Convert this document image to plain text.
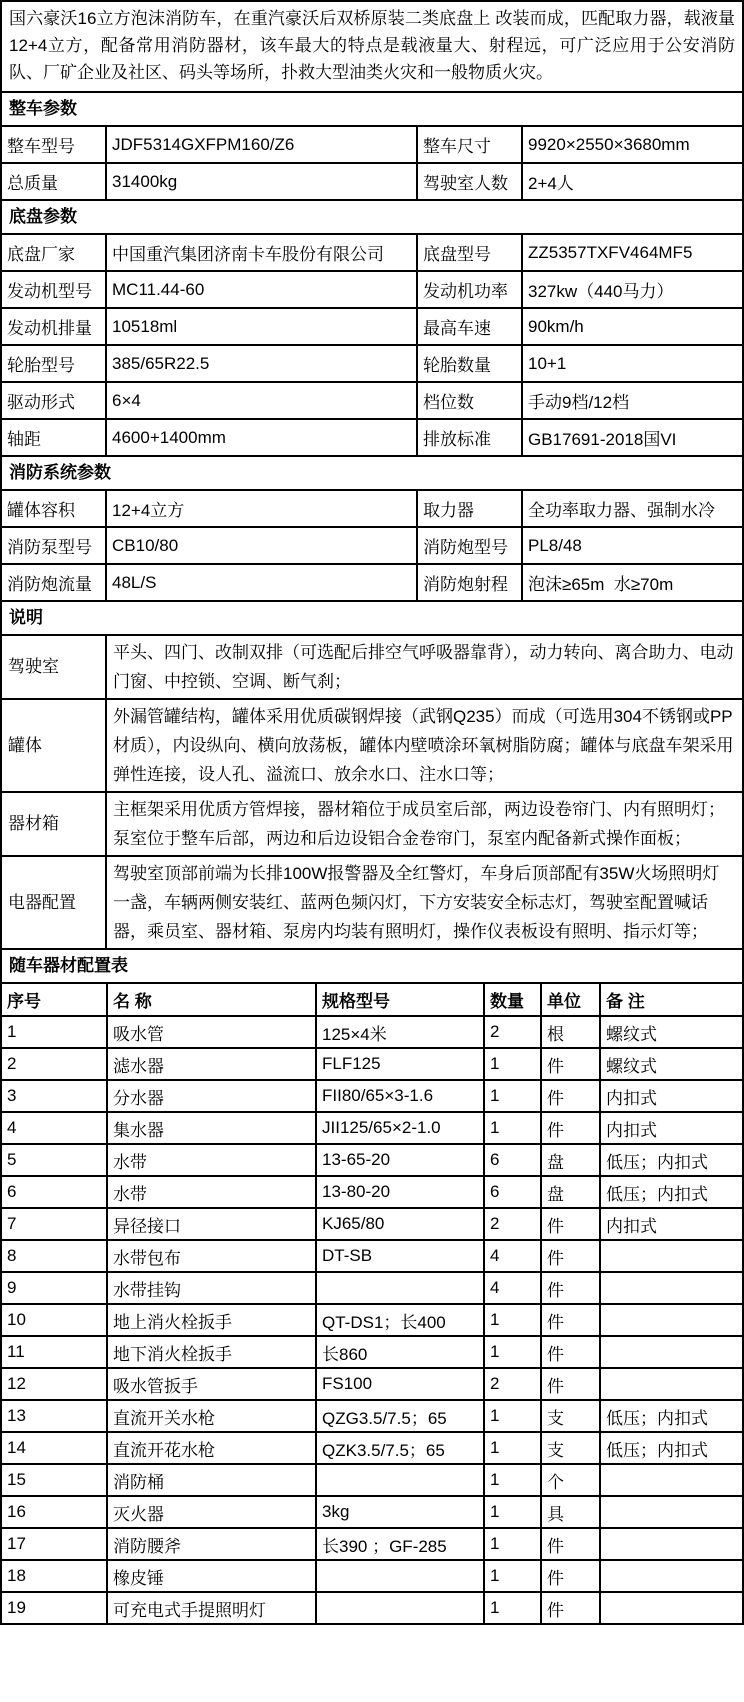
国六豪沃16立方泡沫消防车，在重汽豪沃后双桥原装二类底盘上 改装而成，匹配取力器，载液量12+4立方，配备常用消防器材，该车最大的特点是载液量大、射程远，可广泛应用于公安消防队、厂矿企业及社区、码头等场所，扑救大型油类火灾和一般物质火灾。
整车参数
整车型号	JDF5314GXFPM160/Z6	整车尺寸	9920×2550×3680mm
总质量	31400kg	驾驶室人数	2+4人
底盘参数
底盘厂家	中国重汽集团济南卡车股份有限公司	底盘型号	ZZ5357TXFV464MF5
发动机型号	MC11.44-60	发动机功率	327kw（440马力）
发动机排量	10518ml	最高车速	90km/h
轮胎型号	385/65R22.5	轮胎数量	10+1
驱动形式	6×4	档位数	手动9档/12档
轴距	4600+1400mm	排放标准	GB17691-2018国VI
消防系统参数
罐体容积	12+4立方	取力器	全功率取力器、强制水冷
消防泵型号	CB10/80	消防炮型号	PL8/48
消防炮流量	48L/S	消防炮射程	泡沫≥65m  水≥70m
说明
驾驶室	平头、四门、改制双排（可选配后排空气呼吸器靠背），动力转向、离合助力、电动门窗、中控锁、空调、断气刹；
罐体	外漏管罐结构，罐体采用优质碳钢焊接（武钢Q235）而成（可选用304不锈钢或PP材质），内设纵向、横向放荡板，罐体内壁喷涂环氧树脂防腐；罐体与底盘车架采用弹性连接，设人孔、溢流口、放余水口、注水口等；
器材箱	主框架采用优质方管焊接，器材箱位于成员室后部，两边设卷帘门、内有照明灯；泵室位于整车后部，两边和后边设铝合金卷帘门，泵室内配备新式操作面板；
电器配置	驾驶室顶部前端为长排100W报警器及全红警灯，车身后顶部配有35W火场照明灯一盏，车辆两侧安装红、蓝两色频闪灯，下方安装安全标志灯，驾驶室配置喊话器，乘员室、器材箱、泵房内均装有照明灯，操作仪表板设有照明、指示灯等；
随车器材配置表
序号	名 称	规格型号	数量	单位	备 注
1	吸水管	125×4米	2	根	螺纹式
2	滤水器	FLF125	1	件	螺纹式
3	分水器	FII80/65×3-1.6	1	件	内扣式
4	集水器	JII125/65×2-1.0	1	件	内扣式
5	水带	13-65-20	6	盘	低压；内扣式
6	水带	13-80-20	6	盘	低压；内扣式
7	异径接口	KJ65/80	2	件	内扣式
8	水带包布	DT-SB	4	件	
9	水带挂钩		4	件	
10	地上消火栓扳手	QT-DS1；长400	1	件	
11	地下消火栓扳手	长860	1	件	
12	吸水管扳手	FS100	2	件	
13	直流开关水枪	QZG3.5/7.5；65	1	支	低压；内扣式
14	直流开花水枪	QZK3.5/7.5；65	1	支	低压；内扣式
15	消防桶		1	个	
16	灭火器	3kg	1	具	
17	消防腰斧	长390 ；GF-285	1	件	
18	橡皮锤		1	件	
19	可充电式手提照明灯		1	件	
